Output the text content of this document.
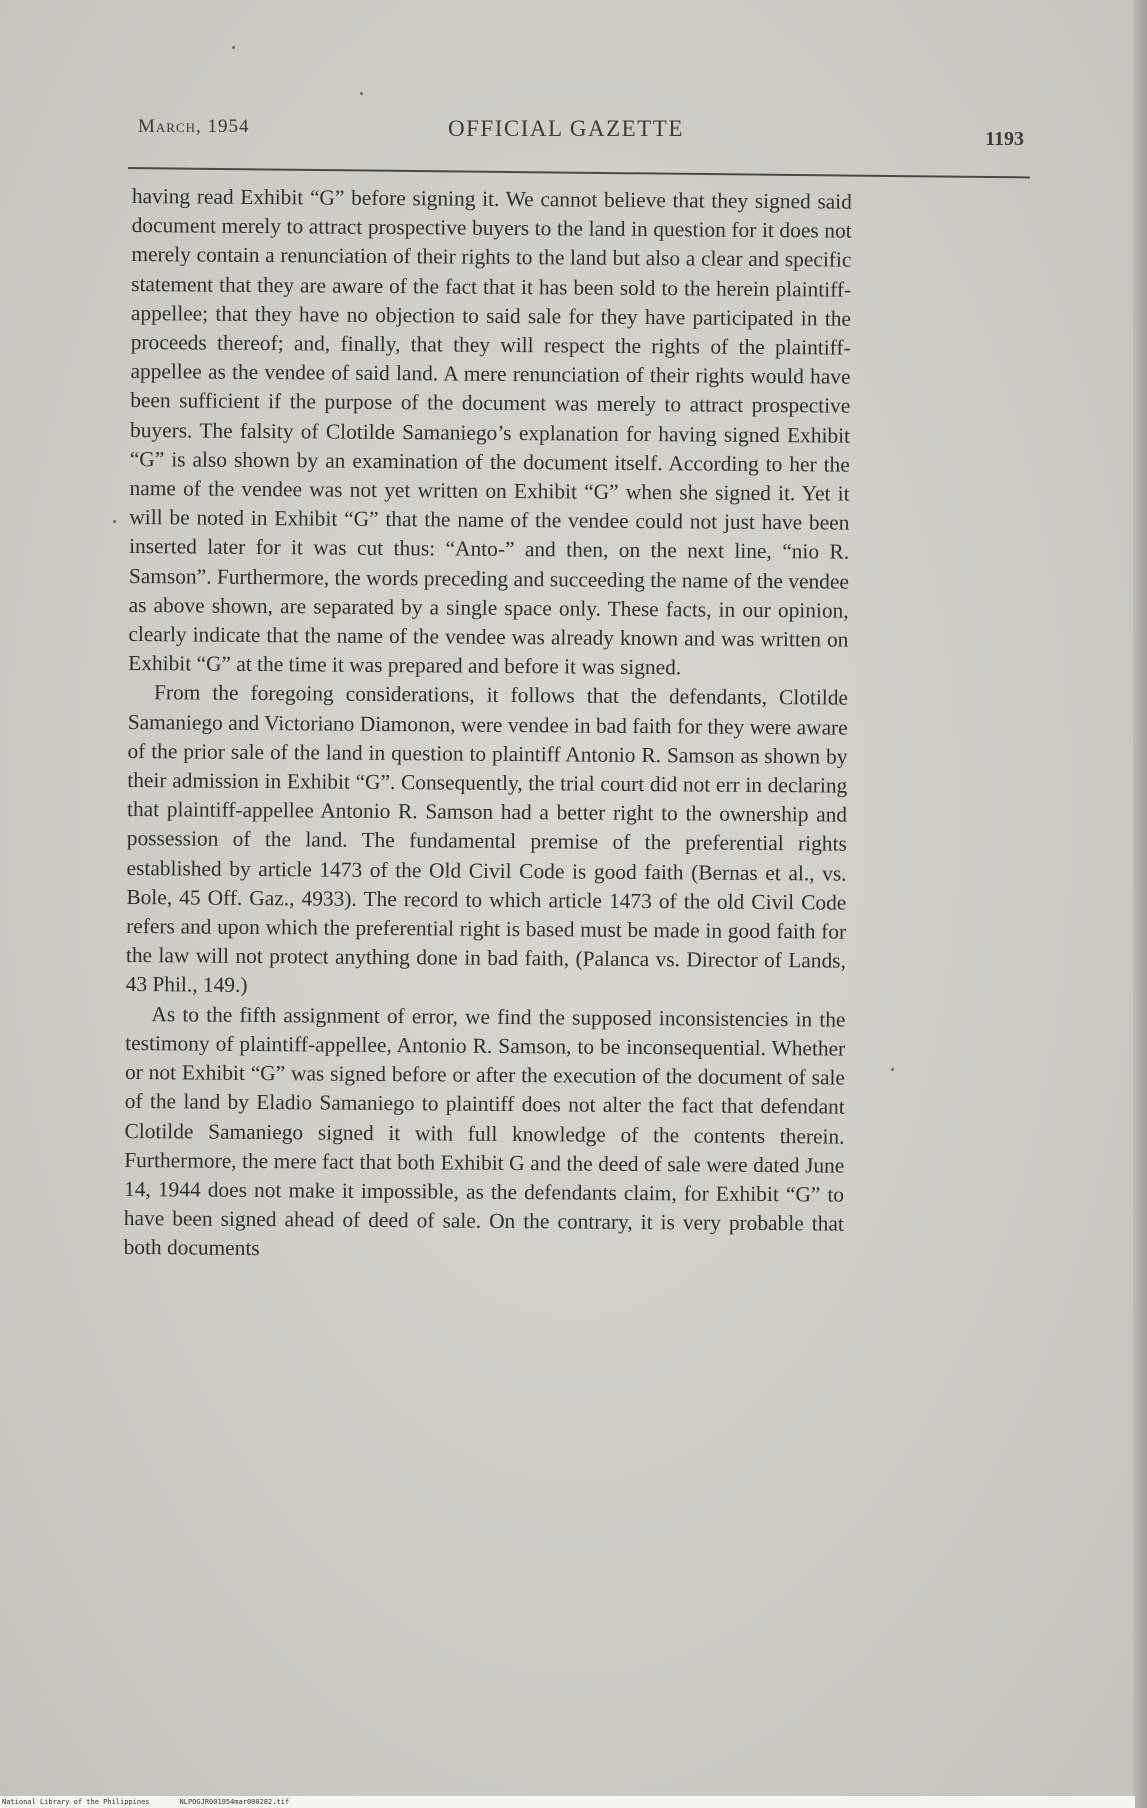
March, 1954	OFFICIAL GAZETTE	1193

having read Exhibit “G” before signing it. We cannot believe that they signed said document merely to attract prospective buyers to the land in question for it does not merely contain a renunciation of their rights to the land but also a clear and specific statement that they are aware of the fact that it has been sold to the herein plaintiff-appellee; that they have no objection to said sale for they have participated in the proceeds thereof; and, finally, that they will respect the rights of the plaintiff-appellee as the vendee of said land. A mere renunciation of their rights would have been sufficient if the purpose of the document was merely to attract prospective buyers. The falsity of Clotilde Samaniego’s explanation for having signed Exhibit “G” is also shown by an examination of the document itself. According to her the name of the vendee was not yet written on Exhibit “G” when she signed it. Yet it will be noted in Exhibit “G” that the name of the vendee could not just have been inserted later for it was cut thus: “Anto-” and then, on the next line, “nio R. Samson”. Furthermore, the words preceding and succeeding the name of the vendee as above shown, are separated by a single space only. These facts, in our opinion, clearly indicate that the name of the vendee was already known and was written on Exhibit “G” at the time it was prepared and before it was signed.

From the foregoing considerations, it follows that the defendants, Clotilde Samaniego and Victoriano Diamonon, were vendee in bad faith for they were aware of the prior sale of the land in question to plaintiff Antonio R. Samson as shown by their admission in Exhibit “G”. Consequently, the trial court did not err in declaring that plaintiff-appellee Antonio R. Samson had a better right to the ownership and possession of the land. The fundamental premise of the preferential rights established by article 1473 of the Old Civil Code is good faith (Bernas et al., vs. Bole, 45 Off. Gaz., 4933). The record to which article 1473 of the old Civil Code refers and upon which the preferential right is based must be made in good faith for the law will not protect anything done in bad faith, (Palanca vs. Director of Lands, 43 Phil., 149.)

As to the fifth assignment of error, we find the supposed inconsistencies in the testimony of plaintiff-appellee, Antonio R. Samson, to be inconsequential. Whether or not Exhibit “G” was signed before or after the execution of the document of sale of the land by Eladio Samaniego to plaintiff does not alter the fact that defendant Clotilde Samaniego signed it with full knowledge of the contents therein. Furthermore, the mere fact that both Exhibit G and the deed of sale were dated June 14, 1944 does not make it impossible, as the defendants claim, for Exhibit “G” to have been signed ahead of deed of sale. On the contrary, it is very probable that both documents

National Library of the Philippines	NLPOGJR001954mar000282.tif
